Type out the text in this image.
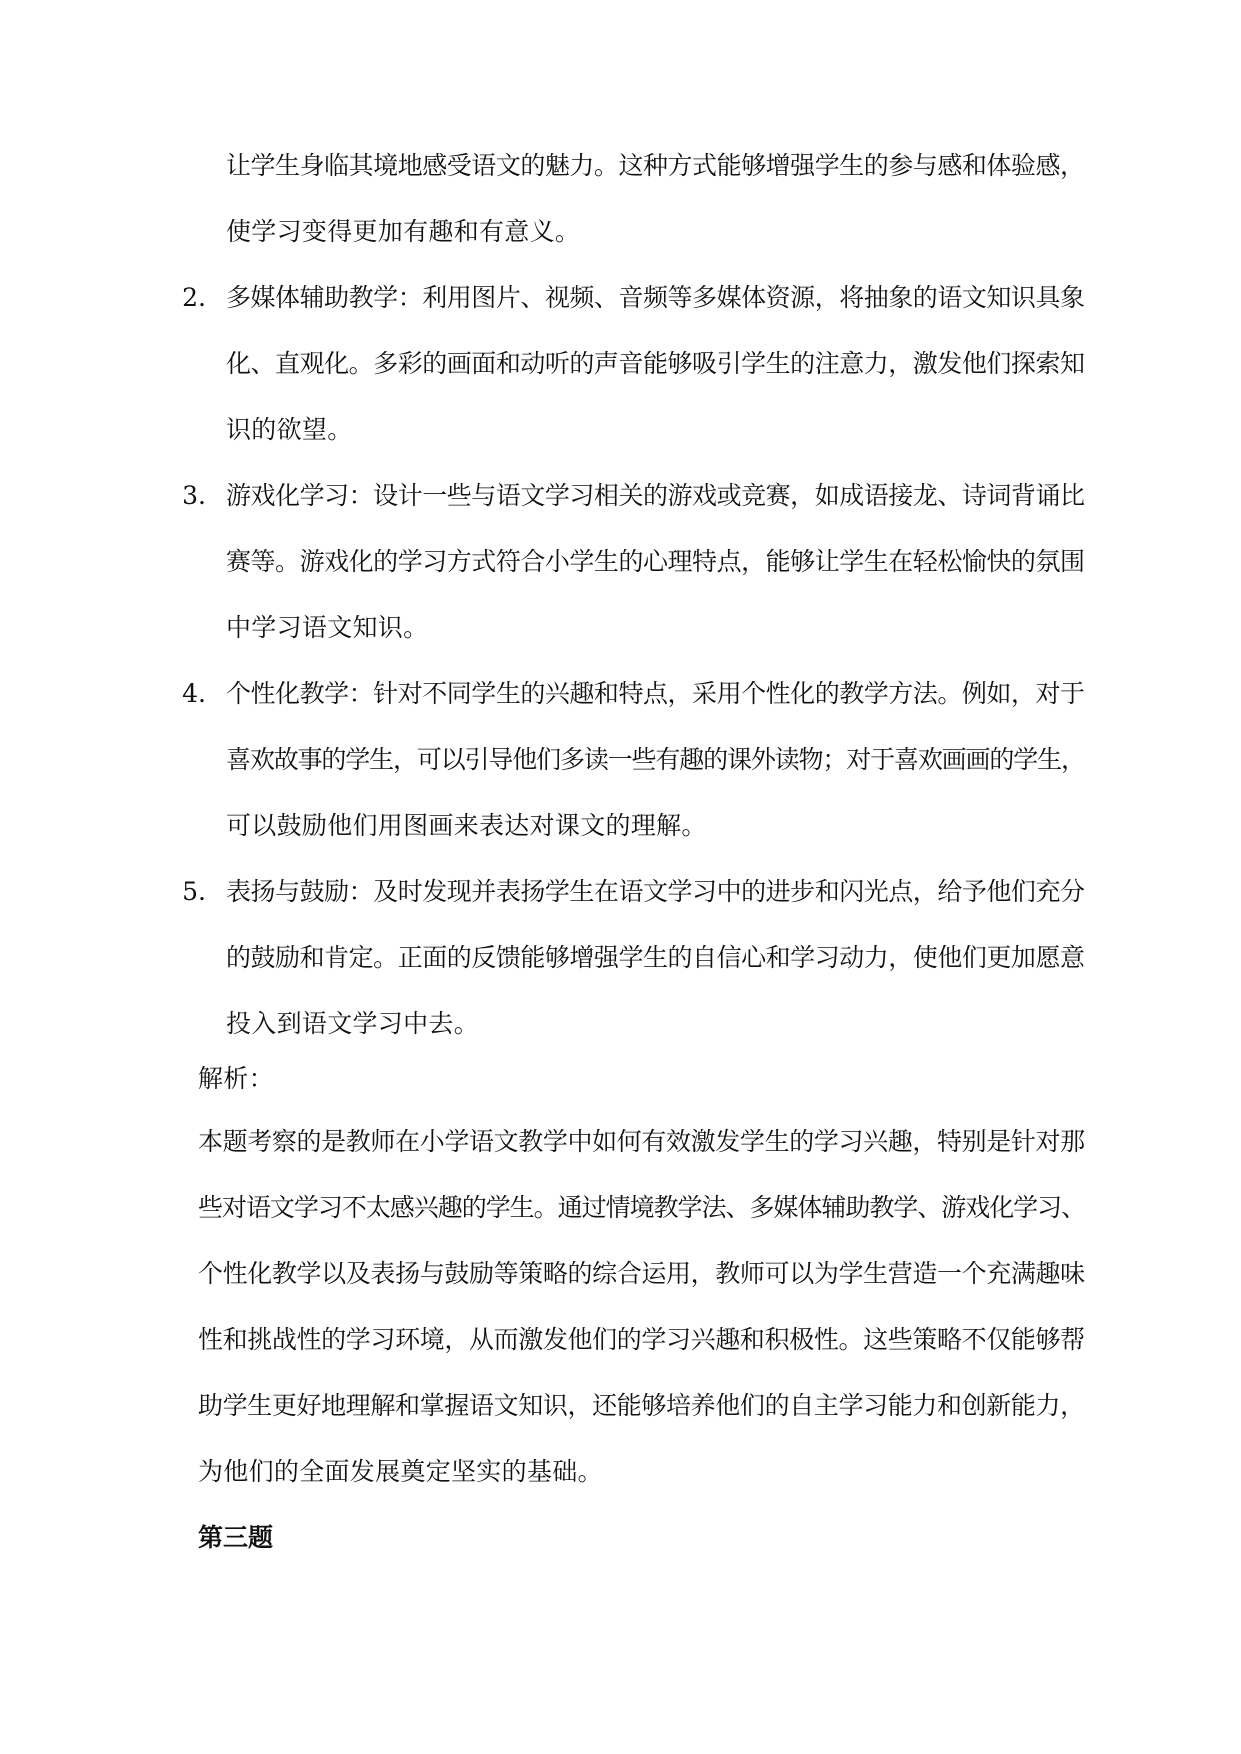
让学生身临其境地感受语文的魅力。这种方式能够增强学生的参与感和体验感，
使学习变得更加有趣和有意义。
2. 多媒体辅助教学：利用图片、视频、音频等多媒体资源，将抽象的语文知识具象
化、直观化。多彩的画面和动听的声音能够吸引学生的注意力，激发他们探索知
识的欲望。
3. 游戏化学习：设计一些与语文学习相关的游戏或竞赛，如成语接龙、诗词背诵比
赛等。游戏化的学习方式符合小学生的心理特点，能够让学生在轻松愉快的氛围
中学习语文知识。
4. 个性化教学：针对不同学生的兴趣和特点，采用个性化的教学方法。例如，对于
喜欢故事的学生，可以引导他们多读一些有趣的课外读物；对于喜欢画画的学生，
可以鼓励他们用图画来表达对课文的理解。
5. 表扬与鼓励：及时发现并表扬学生在语文学习中的进步和闪光点，给予他们充分
的鼓励和肯定。正面的反馈能够增强学生的自信心和学习动力，使他们更加愿意
投入到语文学习中去。
解析：
本题考察的是教师在小学语文教学中如何有效激发学生的学习兴趣，特别是针对那
些对语文学习不太感兴趣的学生。通过情境教学法、多媒体辅助教学、游戏化学习、
个性化教学以及表扬与鼓励等策略的综合运用，教师可以为学生营造一个充满趣味
性和挑战性的学习环境，从而激发他们的学习兴趣和积极性。这些策略不仅能够帮
助学生更好地理解和掌握语文知识，还能够培养他们的自主学习能力和创新能力，
为他们的全面发展奠定坚实的基础。
第三题
